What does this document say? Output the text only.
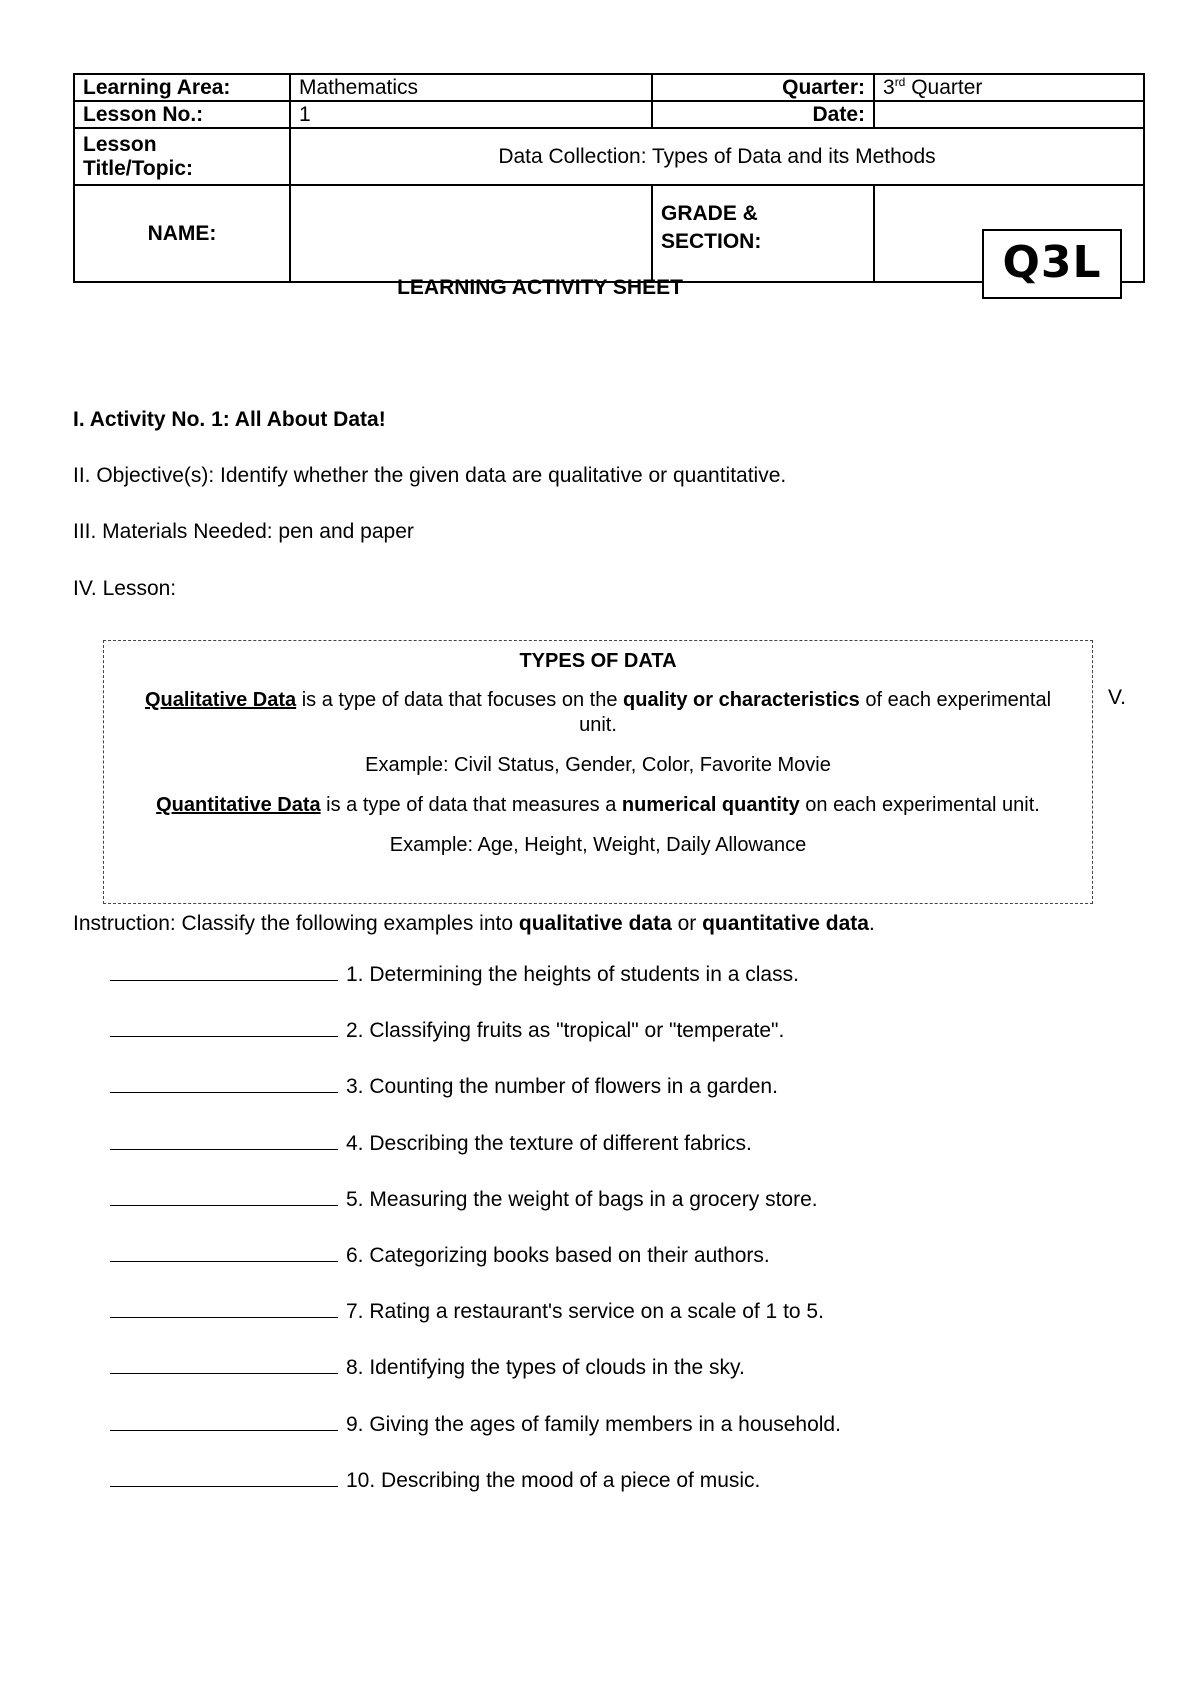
Learning Area:	Mathematics	Quarter:	3rd Quarter
Lesson No.:	1	Date:	

Lesson
Title/Topic:	Data Collection: Types of Data and its Methods		
NAME:		GRADE &
SECTION:	
		Q3L
LEARNING ACTIVITY SHEET
I. Activity No. 1: All About Data!
II. Objective(s): Identify whether the given data are qualitative or quantitative.
III. Materials Needed: pen and paper
IV. Lesson:

TYPES OF DATA

Qualitative Data is a type of data that focuses on the quality or characteristics of each experimental unit.

Example: Civil Status, Gender, Color, Favorite Movie

Quantitative Data is a type of data that measures a numerical quantity on each experimental unit.

Example: Age, Height, Weight, Daily Allowance

V.
Instruction: Classify the following examples into qualitative data or quantitative data.
1. Determining the heights of students in a class.
2. Classifying fruits as "tropical" or "temperate".
3. Counting the number of flowers in a garden.
4. Describing the texture of different fabrics.
5. Measuring the weight of bags in a grocery store.
6. Categorizing books based on their authors.
7. Rating a restaurant's service on a scale of 1 to 5.
8. Identifying the types of clouds in the sky.
9. Giving the ages of family members in a household.
10. Describing the mood of a piece of music.
